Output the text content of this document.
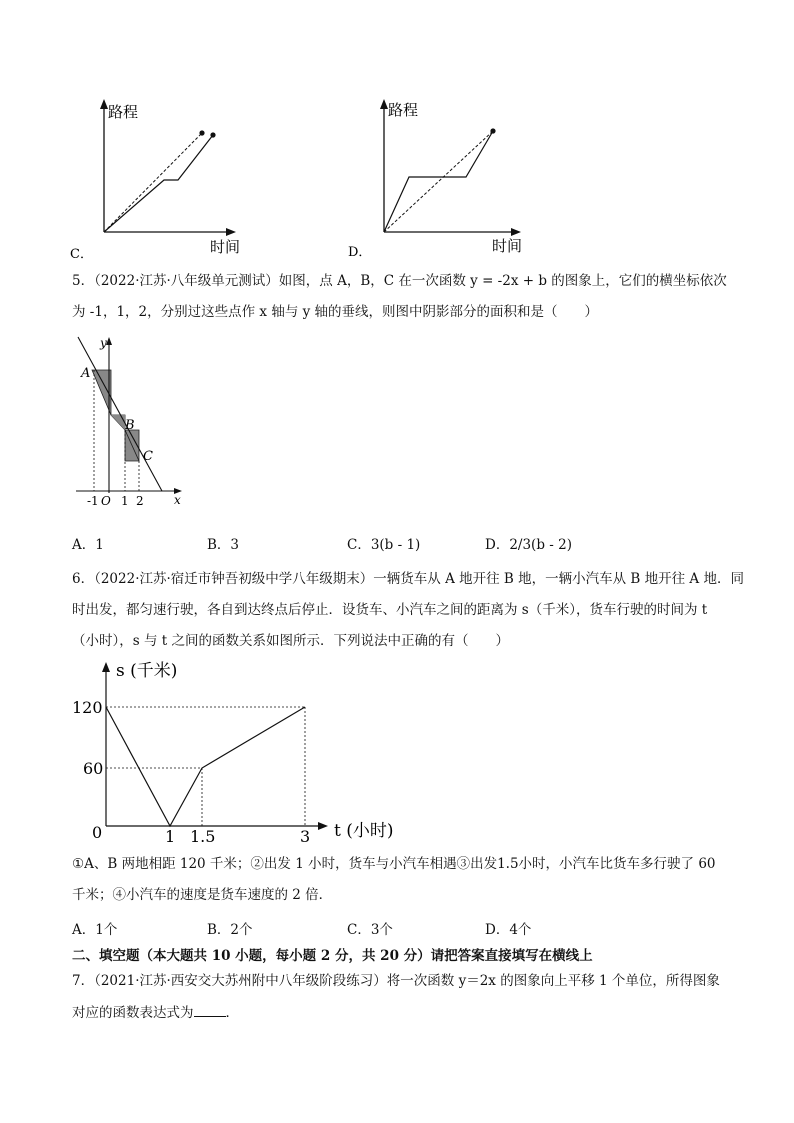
路程
时间
C．
路程
时间
D．
5．（2022·江苏·八年级单元测试）如图，点 A，B，C 在一次函数 y = -2x + b 的图象上，它们的横坐标依次
为 -1，1，2，分别过这些点作 x 轴与 y 轴的垂线，则图中阴影部分的面积和是（　　）
y
x
A
B
C
-1 O 1 2
A．1	B．3	C．3(b - 1)	D．2/3(b - 2)
6．（2022·江苏·宿迁市钟吾初级中学八年级期末）一辆货车从 A 地开往 B 地，一辆小汽车从 B 地开往 A 地．同
时出发，都匀速行驶，各自到达终点后停止．设货车、小汽车之间的距离为 s（千米），货车行驶的时间为 t
（小时），s 与 t 之间的函数关系如图所示．下列说法中正确的有（　　）
s (千米)
t (小时)
120
60
0	1 1.5	3
①A、B 两地相距 120 千米；②出发 1 小时，货车与小汽车相遇③出发1.5小时，小汽车比货车多行驶了 60
千米；④小汽车的速度是货车速度的 2 倍．
A．1个	B．2个	C．3个	D．4个
二、填空题（本大题共 10 小题，每小题 2 分，共 20 分）请把答案直接填写在横线上
7．（2021·江苏·西安交大苏州附中八年级阶段练习）将一次函数 y＝2x 的图象向上平移 1 个单位，所得图象
对应的函数表达式为 ．
